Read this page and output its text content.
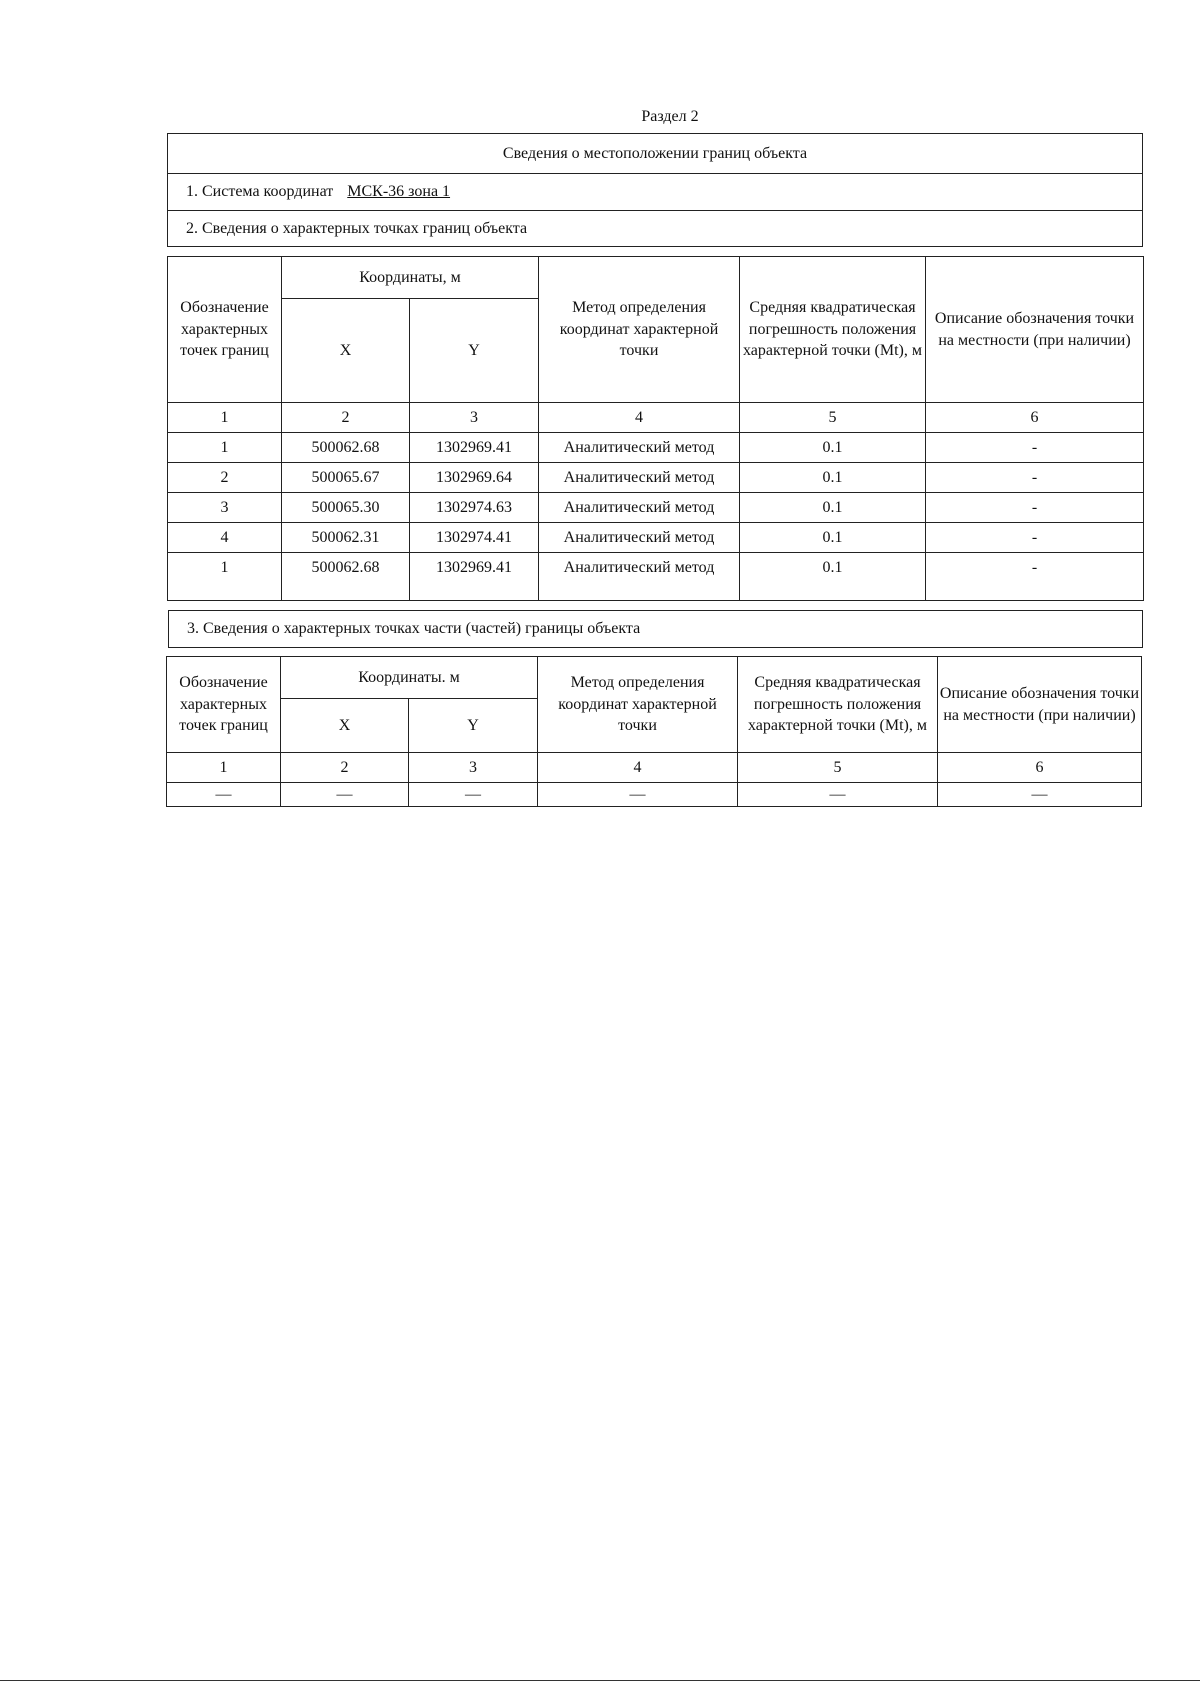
Раздел 2
Сведения о местоположении границ объекта
1. Система координат МСК-36 зона 1
2. Сведения о характерных точках границ объекта
Обозначение характерных точек границ	Координаты, м		Метод определения координат характерной точки	Средняя квадратическая погрешность положения характерной точки (Mt), м	Описание обозначения точки на местности (при наличии)
	X	Y			
1	2	3	4	5	6
1	500062.68	1302969.41	Аналитический метод	0.1	-
2	500065.67	1302969.64	Аналитический метод	0.1	-
3	500065.30	1302974.63	Аналитический метод	0.1	-
4	500062.31	1302974.41	Аналитический метод	0.1	-
1	500062.68	1302969.41	Аналитический метод	0.1	-
3. Сведения о характерных точках части (частей) границы объекта
Обозначение характерных точек границ	Координаты. м		Метод определения координат характерной точки	Средняя квадратическая погрешность положения характерной точки (Mt), м	Описание обозначения точки на местности (при наличии)
	X	Y			
1	2	3	4	5	6
—	—	—	—	—	—
